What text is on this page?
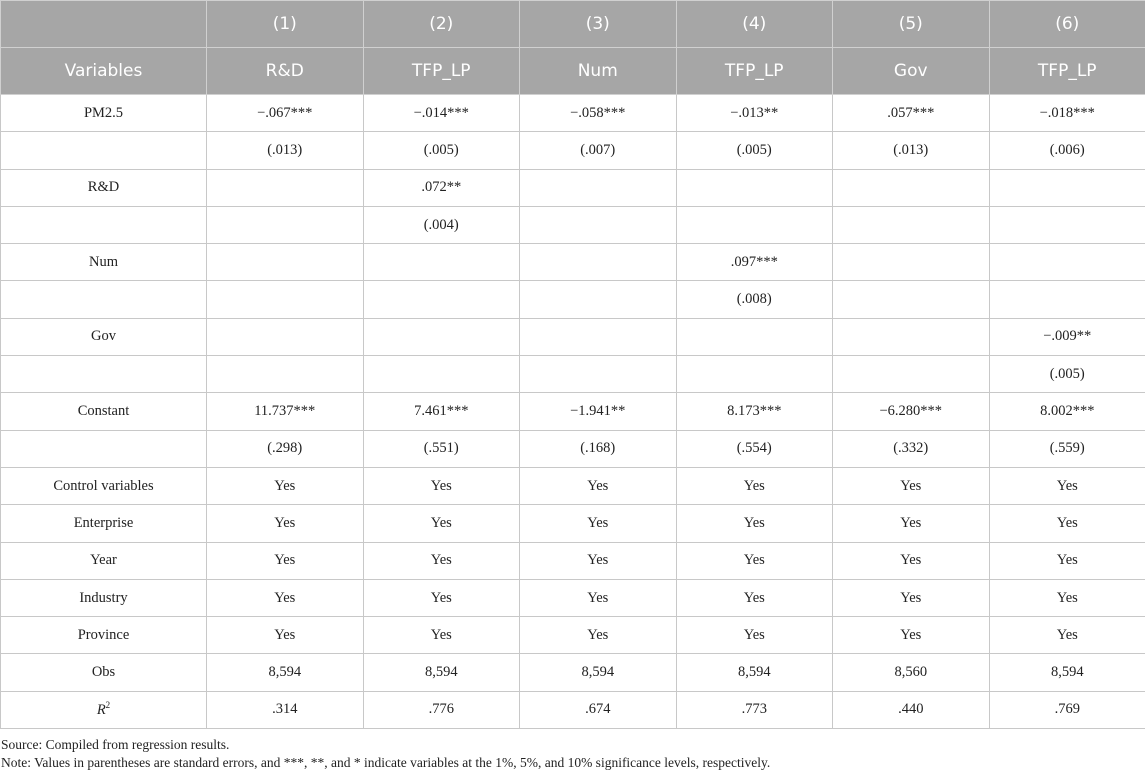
	(1)	(2)	(3)	(4)	(5)	(6)
Variables	R&D	TFP_LP	Num	TFP_LP	Gov	TFP_LP
PM2.5	−.067***	−.014***	−.058***	−.013**	.057***	−.018***
	(.013)	(.005)	(.007)	(.005)	(.013)	(.006)
R&D		.072**				
		(.004)				
Num				.097***		
				(.008)		
Gov						−.009**
						(.005)
Constant	11.737***	7.461***	−1.941**	8.173***	−6.280***	8.002***
	(.298)	(.551)	(.168)	(.554)	(.332)	(.559)
Control variables	Yes	Yes	Yes	Yes	Yes	Yes
Enterprise	Yes	Yes	Yes	Yes	Yes	Yes
Year	Yes	Yes	Yes	Yes	Yes	Yes
Industry	Yes	Yes	Yes	Yes	Yes	Yes
Province	Yes	Yes	Yes	Yes	Yes	Yes
Obs	8,594	8,594	8,594	8,594	8,560	8,594
$R^2$	.314	.776	.674	.773	.440	.769
Source: Compiled from regression results.
Note: Values in parentheses are standard errors, and ***, **, and * indicate variables at the 1%, 5%, and 10% significance levels, respectively.
